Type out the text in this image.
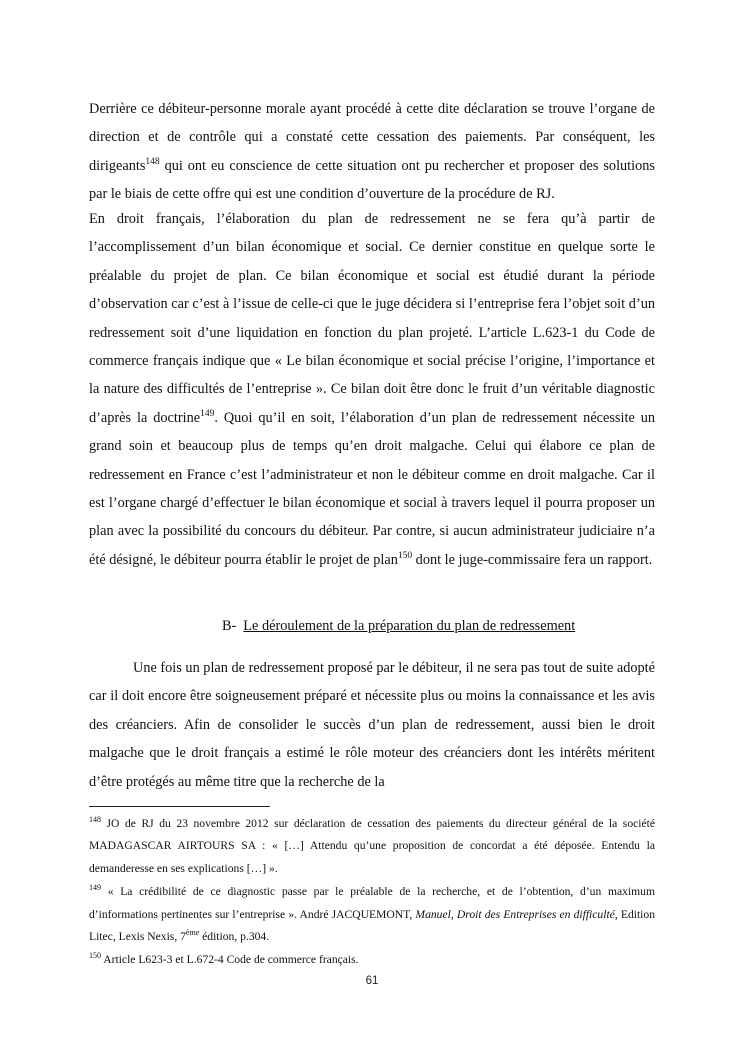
Derrière ce débiteur-personne morale ayant procédé à cette dite déclaration se trouve l’organe de direction et de contrôle qui a constaté cette cessation des paiements. Par conséquent, les dirigeants$^{148}$ qui ont eu conscience de cette situation ont pu rechercher et proposer des solutions par le biais de cette offre qui est une condition d’ouverture de la procédure de RJ.

En droit français, l’élaboration du plan de redressement ne se fera qu’à partir de l’accomplissement d’un bilan économique et social. Ce dernier constitue en quelque sorte le préalable du projet de plan. Ce bilan économique et social est étudié durant la période d’observation car c’est à l’issue de celle-ci que le juge décidera si l’entreprise fera l’objet soit d’un redressement soit d’une liquidation en fonction du plan projeté. L’article L.623-1 du Code de commerce français indique que « Le bilan économique et social précise l’origine, l’importance et la nature des difficultés de l’entreprise ». Ce bilan doit être donc le fruit d’un véritable diagnostic d’après la doctrine$^{149}$. Quoi qu’il en soit, l’élaboration d’un plan de redressement nécessite un grand soin et beaucoup plus de temps qu’en droit malgache. Celui qui élabore ce plan de redressement en France c’est l’administrateur et non le débiteur comme en droit malgache. Car il est l’organe chargé d’effectuer le bilan économique et social à travers lequel il pourra proposer un plan avec la possibilité du concours du débiteur. Par contre, si aucun administrateur judiciaire n’a été désigné, le débiteur pourra établir le projet de plan$^{150}$ dont le juge-commissaire fera un rapport.

B- Le déroulement de la préparation du plan de redressement

Une fois un plan de redressement proposé par le débiteur, il ne sera pas tout de suite adopté car il doit encore être soigneusement préparé et nécessite plus ou moins la connaissance et les avis des créanciers. Afin de consolider le succès d’un plan de redressement, aussi bien le droit malgache que le droit français a estimé le rôle moteur des créanciers dont les intérêts méritent d’être protégés au même titre que la recherche de la

$^{148}$ JO de RJ du 23 novembre 2012 sur déclaration de cessation des paiements du directeur général de la société MADAGASCAR AIRTOURS SA : « […] Attendu qu’une proposition de concordat a été déposée. Entendu la demanderesse en ses explications […] ».

$^{149}$ « La crédibilité de ce diagnostic passe par le préalable de la recherche, et de l’obtention, d’un maximum d’informations pertinentes sur l’entreprise ». André JACQUEMONT, Manuel, Droit des Entreprises en difficulté, Edition Litec, Lexis Nexis, 7ème édition, p.304.

$^{150}$ Article L623-3 et L.672-4 Code de commerce français.

61
